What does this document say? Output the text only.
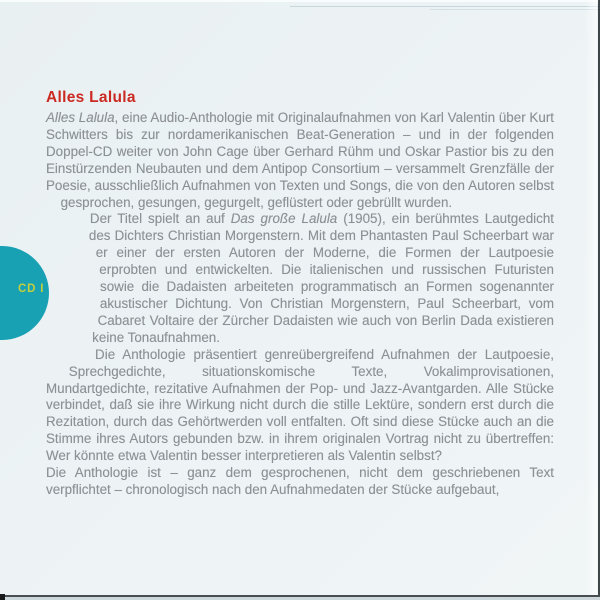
Alles Lalula
CD I

Alles Lalula, eine Audio-Anthologie mit Originalaufnahmen von Karl Valentin über Kurt Schwitters bis zur nordamerikanischen Beat-Generation – und in der folgenden Doppel-CD weiter von John Cage über Gerhard Rühm und Oskar Pastior bis zu den Einstürzenden Neubauten und dem Antipop Consortium – versammelt Grenzfälle der Poesie, ausschließlich Aufnahmen von Texten und Songs, die von den Autoren selbst gesprochen, gesungen, gegurgelt, geflüstert oder gebrüllt wurden.

Der Titel spielt an auf Das große Lalula (1905), ein berühmtes Lautgedicht des Dichters Christian Morgenstern. Mit dem Phantasten Paul Scheerbart war er einer der ersten Autoren der Moderne, die Formen der Lautpoesie erprobten und entwickelten. Die italienischen und russischen Futuristen sowie die Dadaisten arbeiteten programmatisch an Formen sogenannter akustischer Dichtung. Von Christian Morgenstern, Paul Scheerbart, vom Cabaret Voltaire der Zürcher Dadaisten wie auch von Berlin Dada existieren keine Tonaufnahmen.

Die Anthologie präsentiert genreübergreifend Aufnahmen der Lautpoesie, Sprechgedichte, situationskomische Texte, Vokalimprovisationen, Mundartgedichte, rezitative Aufnahmen der Pop- und Jazz-Avantgarden. Alle Stücke verbindet, daß sie ihre Wirkung nicht durch die stille Lektüre, sondern erst durch die Rezitation, durch das Gehörtwerden voll entfalten. Oft sind diese Stücke auch an die Stimme ihres Autors gebunden bzw. in ihrem originalen Vortrag nicht zu übertreffen: Wer könnte etwa Valentin besser interpretieren als Valentin selbst?

Die Anthologie ist – ganz dem gesprochenen, nicht dem geschriebenen Text verpflichtet – chronologisch nach den Aufnahmedaten der Stücke aufgebaut,
